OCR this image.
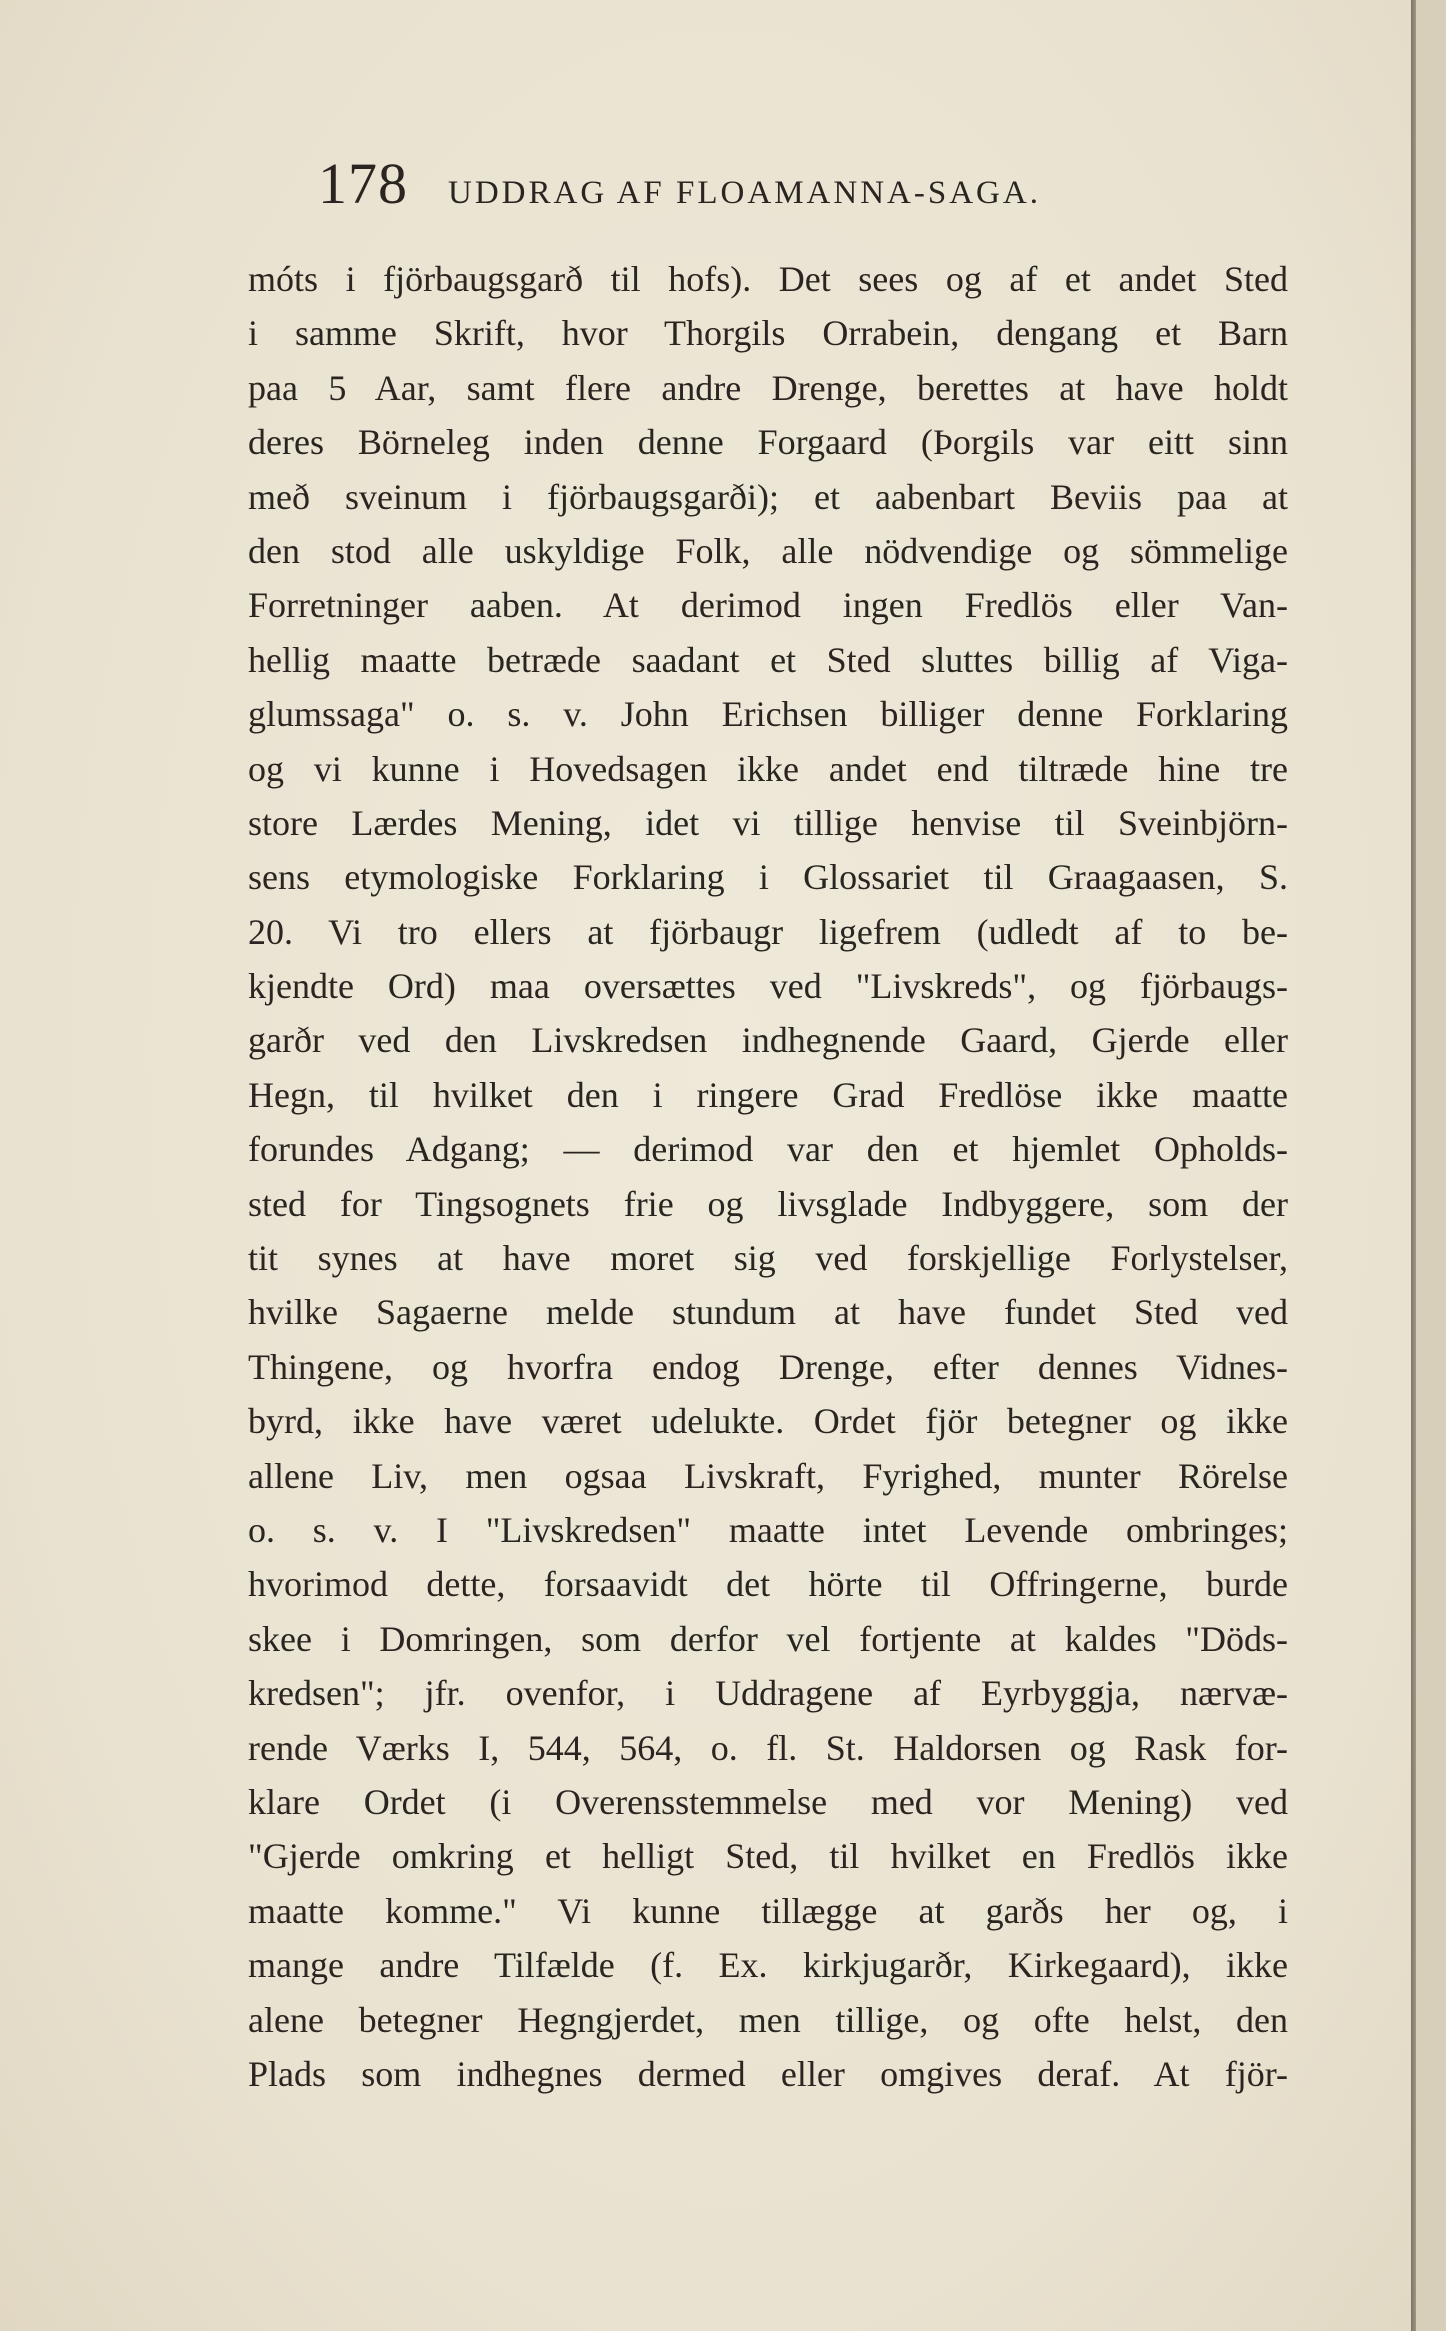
178 UDDRAG AF FLOAMANNA-SAGA.
móts i fjörbaugsgarð til hofs). Det sees og af et andet Sted
i samme Skrift, hvor Thorgils Orrabein, dengang et Barn
paa 5 Aar, samt flere andre Drenge, berettes at have holdt
deres Börneleg inden denne Forgaard (Þorgils var eitt sinn
með sveinum i fjörbaugsgarði); et aabenbart Beviis paa at
den stod alle uskyldige Folk, alle nödvendige og sömmelige
Forretninger aaben. At derimod ingen Fredlös eller Van-
hellig maatte betræde saadant et Sted sluttes billig af Viga-
glumssaga" o. s. v. John Erichsen billiger denne Forklaring
og vi kunne i Hovedsagen ikke andet end tiltræde hine tre
store Lærdes Mening, idet vi tillige henvise til Sveinbjörn-
sens etymologiske Forklaring i Glossariet til Graagaasen, S.
20. Vi tro ellers at fjörbaugr ligefrem (udledt af to be-
kjendte Ord) maa oversættes ved "Livskreds", og fjörbaugs-
garðr ved den Livskredsen indhegnende Gaard, Gjerde eller
Hegn, til hvilket den i ringere Grad Fredlöse ikke maatte
forundes Adgang; — derimod var den et hjemlet Opholds-
sted for Tingsognets frie og livsglade Indbyggere, som der
tit synes at have moret sig ved forskjellige Forlystelser,
hvilke Sagaerne melde stundum at have fundet Sted ved
Thingene, og hvorfra endog Drenge, efter dennes Vidnes-
byrd, ikke have været udelukte. Ordet fjör betegner og ikke
allene Liv, men ogsaa Livskraft, Fyrighed, munter Rörelse
o. s. v. I "Livskredsen" maatte intet Levende ombringes;
hvorimod dette, forsaavidt det hörte til Offringerne, burde
skee i Domringen, som derfor vel fortjente at kaldes "Döds-
kredsen"; jfr. ovenfor, i Uddragene af Eyrbyggja, nærvæ-
rende Værks I, 544, 564, o. fl. St. Haldorsen og Rask for-
klare Ordet (i Overensstemmelse med vor Mening) ved
"Gjerde omkring et helligt Sted, til hvilket en Fredlös ikke
maatte komme." Vi kunne tillægge at garðs her og, i
mange andre Tilfælde (f. Ex. kirkjugarðr, Kirkegaard), ikke
alene betegner Hegngjerdet, men tillige, og ofte helst, den
Plads som indhegnes dermed eller omgives deraf. At fjör-
